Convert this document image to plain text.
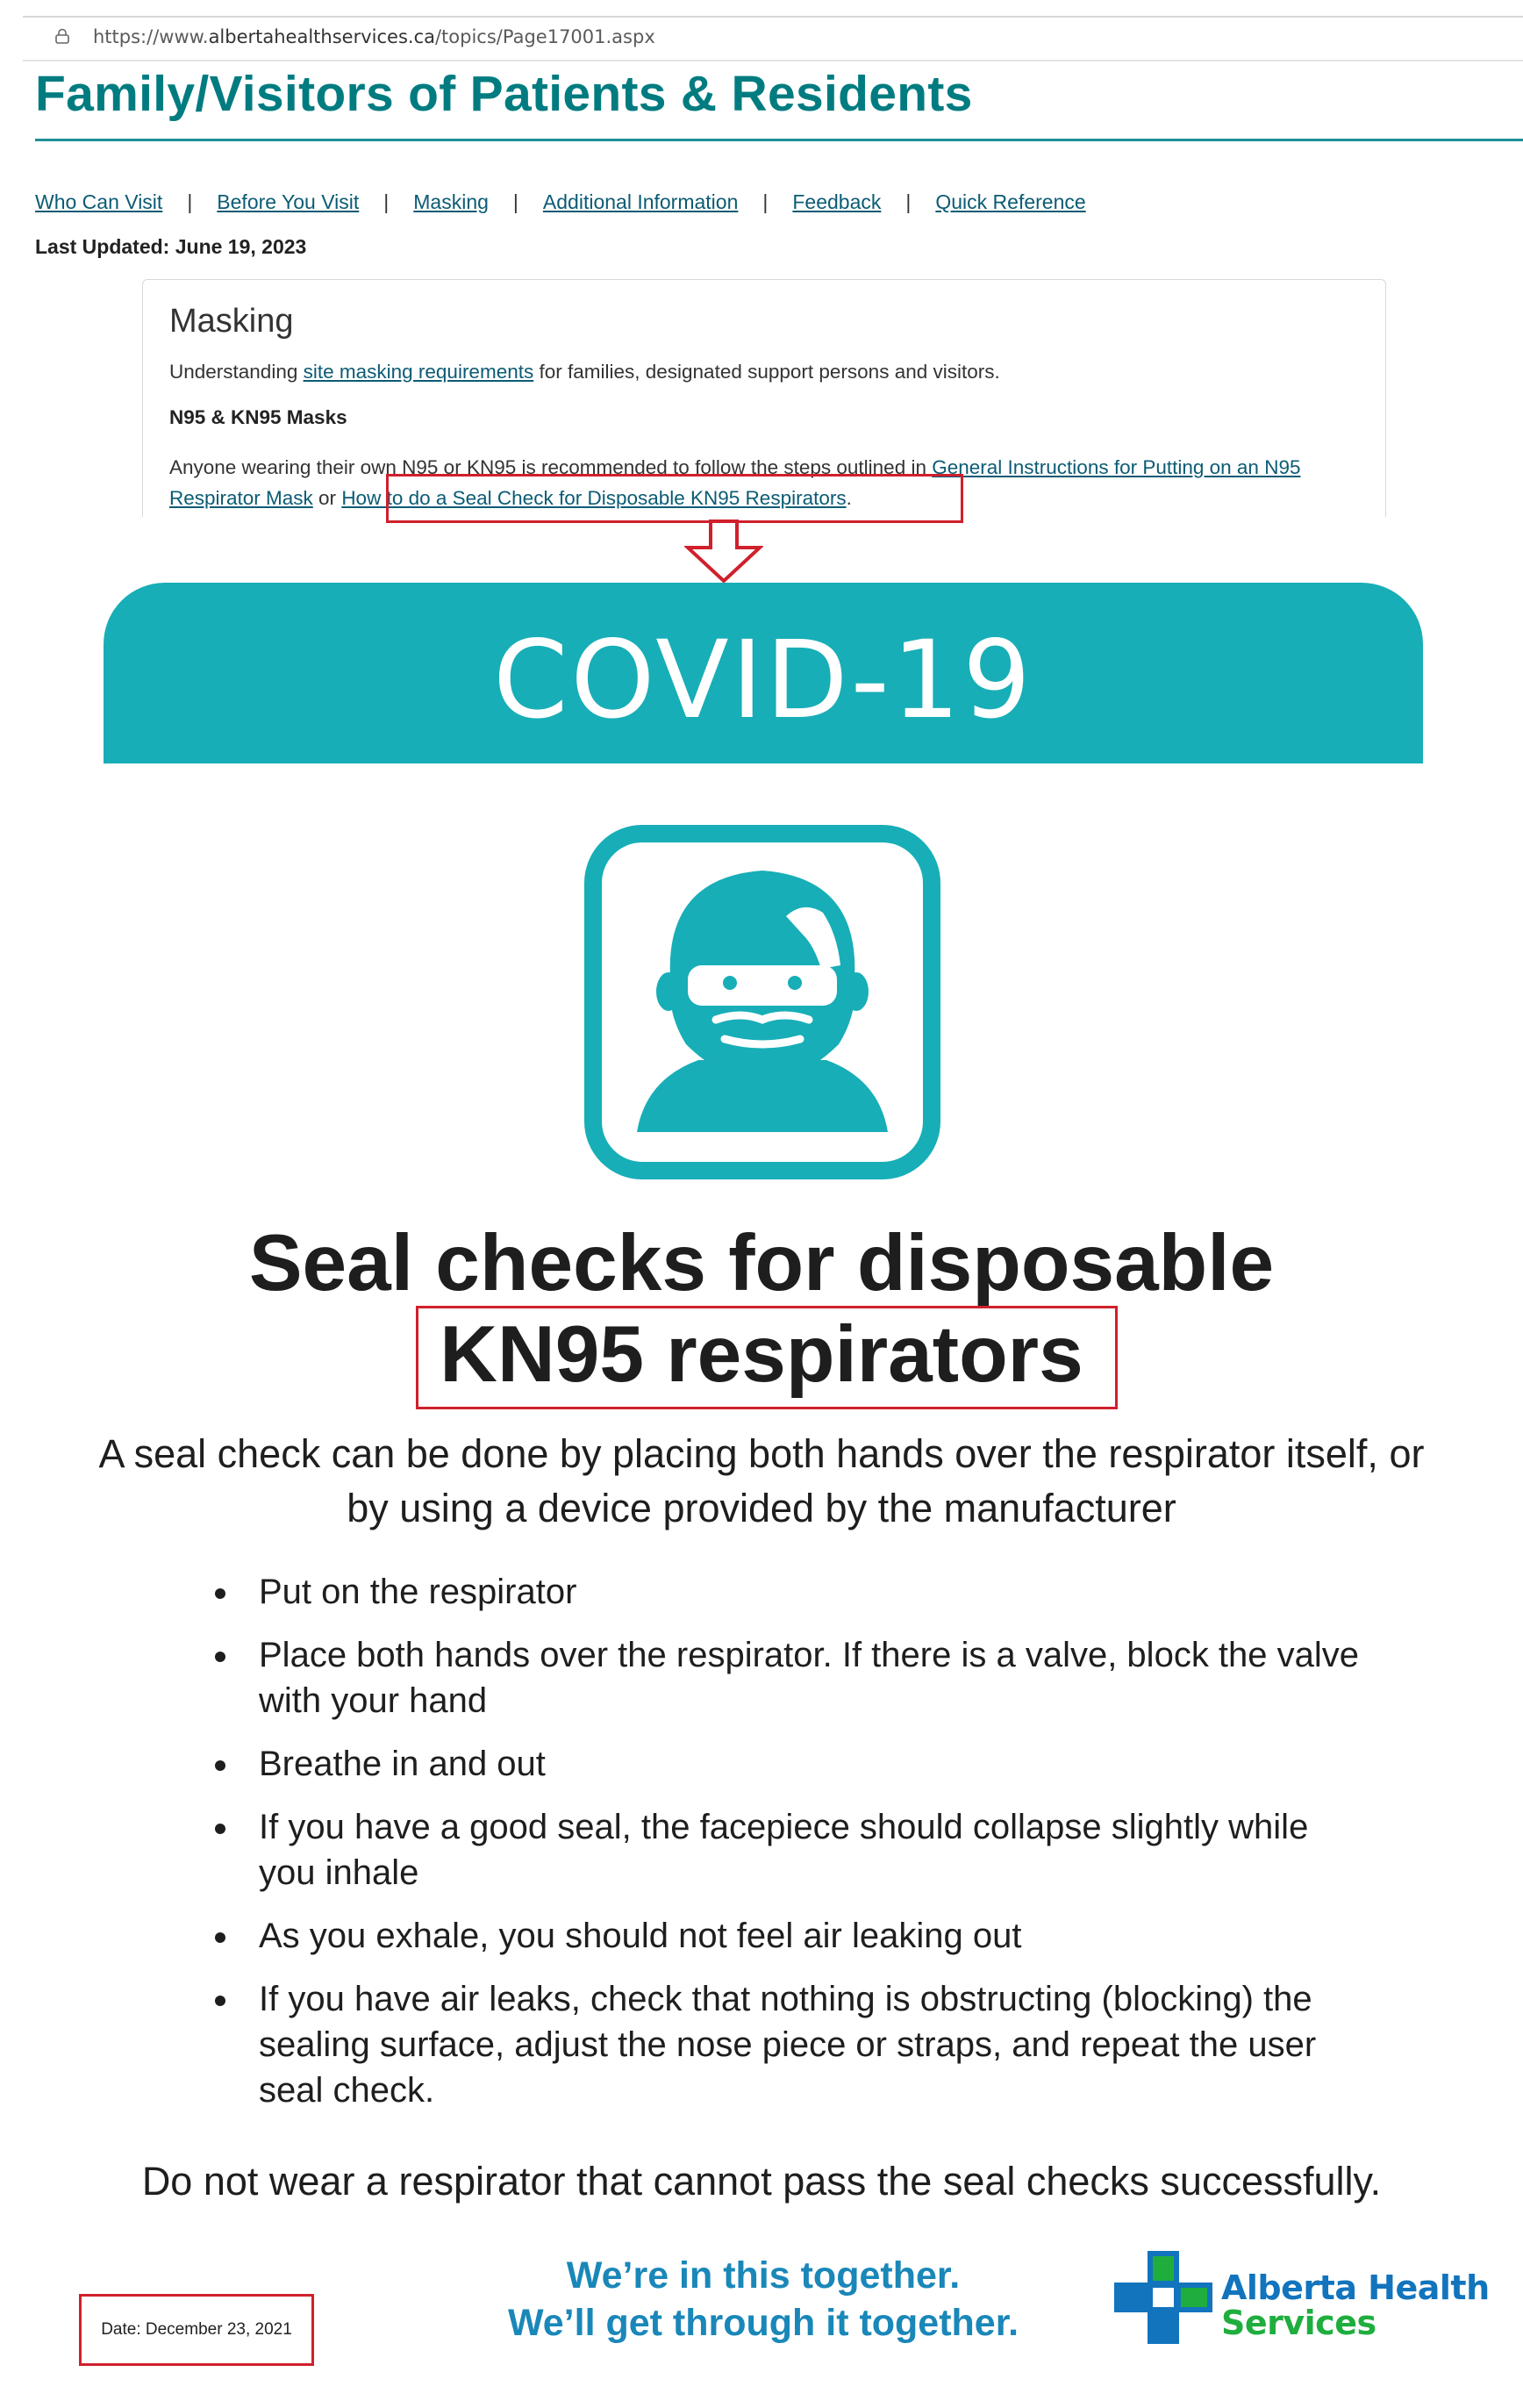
https://www.albertahealthservices.ca/topics/Page17001.aspx
Family/Visitors of Patients & Residents
Who Can Visit | Before You Visit | Masking | Additional Information | Feedback | Quick Reference
Last Updated: June 19, 2023
Masking
Understanding site masking requirements for families, designated support persons and visitors.
N95 & KN95 Masks
Anyone wearing their own N95 or KN95 is recommended to follow the steps outlined in General Instructions for Putting on an N95 Respirator Mask or How to do a Seal Check for Disposable KN95 Respirators.
COVID-19
Seal checks for disposable
KN95 respirators
A seal check can be done by placing both hands over the respirator itself, or by using a device provided by the manufacturer
Put on the respirator
Place both hands over the respirator. If there is a valve, block the valve with your hand
Breathe in and out
If you have a good seal, the facepiece should collapse slightly while you inhale
As you exhale, you should not feel air leaking out
If you have air leaks, check that nothing is obstructing (blocking) the sealing surface, adjust the nose piece or straps, and repeat the user seal check.
Do not wear a respirator that cannot pass the seal checks successfully.
Date: December 23, 2021
We’re in this together.
We’ll get through it together.
Alberta Health
Services
